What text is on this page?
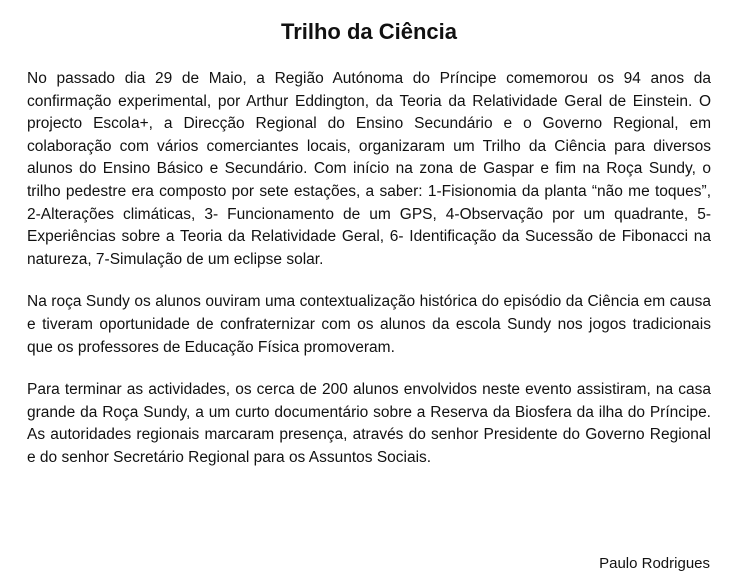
Trilho da Ciência

No passado dia 29 de Maio, a Região Autónoma do Príncipe comemorou os 94 anos da confirmação experimental, por Arthur Eddington, da Teoria da Relatividade Geral de Einstein. O projecto Escola+, a Direcção Regional do Ensino Secundário e o Governo Regional, em colaboração com vários comerciantes locais, organizaram um Trilho da Ciência para diversos alunos do Ensino Básico e Secundário. Com início na zona de Gaspar e fim na Roça Sundy, o trilho pedestre era composto por sete estações, a saber: 1-Fisionomia da planta “não me toques”, 2-Alterações climáticas, 3- Funcionamento de um GPS, 4-Observação por um quadrante, 5-Experiências sobre a Teoria da Relatividade Geral, 6- Identificação da Sucessão de Fibonacci na natureza, 7-Simulação de um eclipse solar.

Na roça Sundy os alunos ouviram uma contextualização histórica do episódio da Ciência em causa e tiveram oportunidade de confraternizar com os alunos da escola Sundy nos jogos tradicionais que os professores de Educação Física promoveram.

Para terminar as actividades, os cerca de 200 alunos envolvidos neste evento assistiram, na casa grande da Roça Sundy, a um curto documentário sobre a Reserva da Biosfera da ilha do Príncipe. As autoridades regionais marcaram presença, através do senhor Presidente do Governo Regional e do senhor Secretário Regional para os Assuntos Sociais.

Paulo Rodrigues
